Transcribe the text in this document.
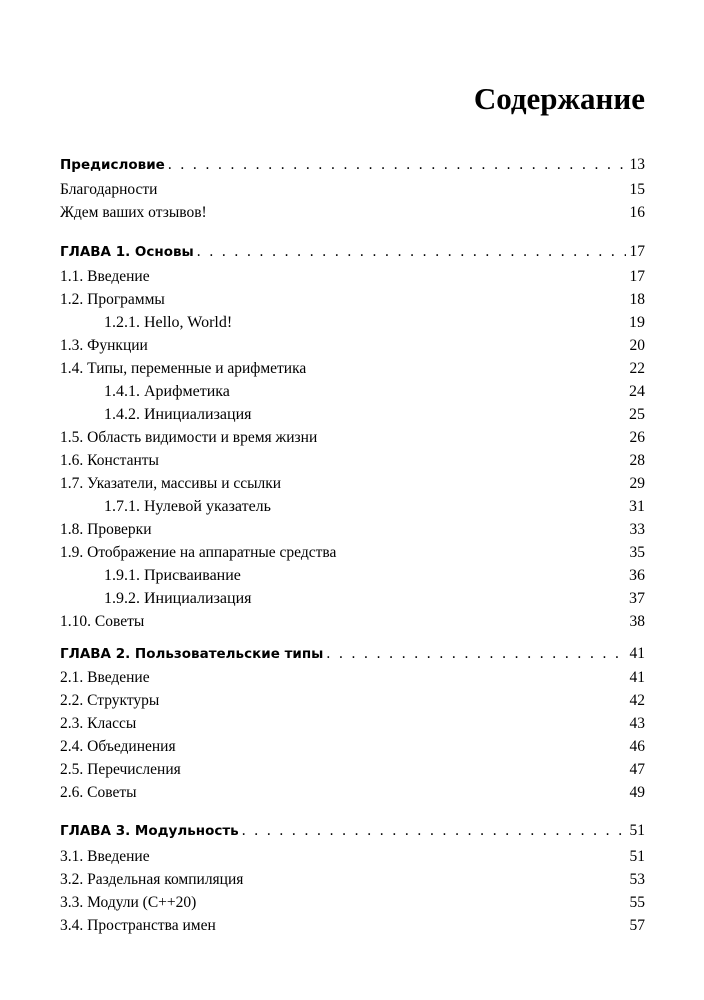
Содержание
Предисловие . . .	13
Благодарности	15
Ждем ваших отзывов!	16
ГЛАВА 1. Основы . . .	17
1.1. Введение	17
1.2. Программы	18
1.2.1. Hello, World!	19
1.3. Функции	20
1.4. Типы, переменные и арифметика	22
1.4.1. Арифметика	24
1.4.2. Инициализация	25
1.5. Область видимости и время жизни	26
1.6. Константы	28
1.7. Указатели, массивы и ссылки	29
1.7.1. Нулевой указатель	31
1.8. Проверки	33
1.9. Отображение на аппаратные средства	35
1.9.1. Присваивание	36
1.9.2. Инициализация	37
1.10. Советы	38
ГЛАВА 2. Пользовательские типы . . .	41
2.1. Введение	41
2.2. Структуры	42
2.3. Классы	43
2.4. Объединения	46
2.5. Перечисления	47
2.6. Советы	49
ГЛАВА 3. Модульность . . .	51
3.1. Введение	51
3.2. Раздельная компиляция	53
3.3. Модули (C++20)	55
3.4. Пространства имен	57
